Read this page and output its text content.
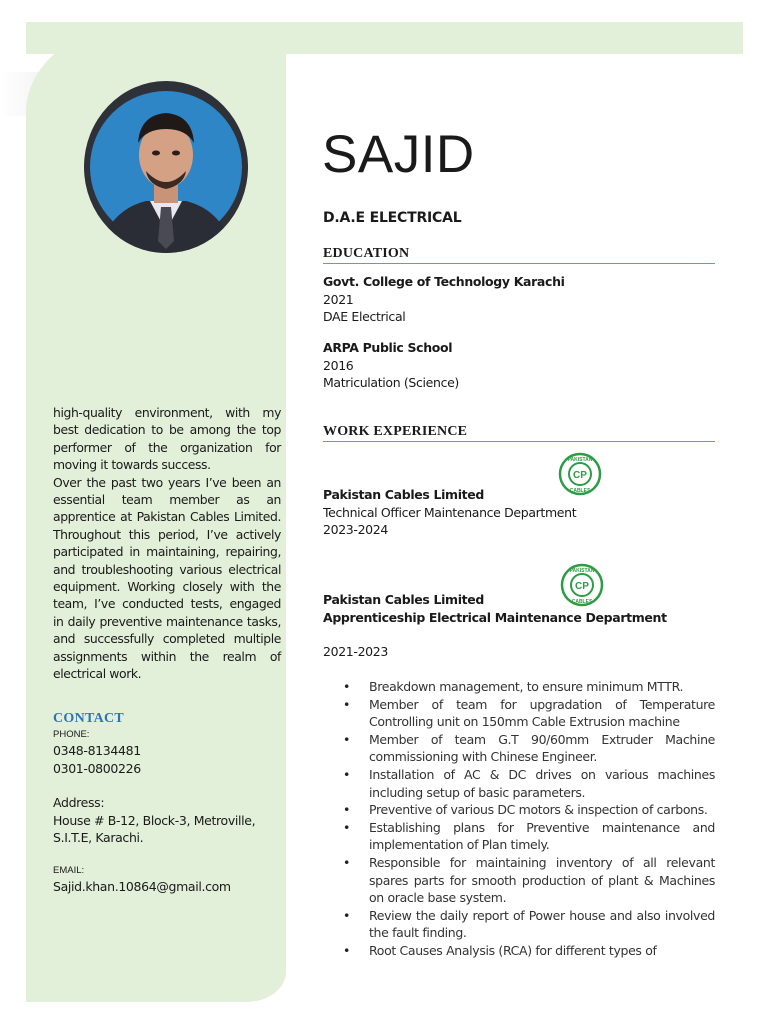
high-quality environment, with my best dedication to be among the top performer of the organization for moving it towards success.

Over the past two years I’ve been an essential team member as an apprentice at Pakistan Cables Limited. Throughout this period, I’ve actively participated in maintaining, repairing, and troubleshooting various electrical equipment. Working closely with the team, I’ve conducted tests, engaged in daily preventive maintenance tasks, and successfully completed multiple assignments within the realm of electrical work.

CONTACT
PHONE:
0348-8134481
0301-0800226
Address:
House # B-12, Block-3, Metroville,
S.I.T.E, Karachi.
EMAIL:
Sajid.khan.10864@gmail.com
SAJID
D.A.E ELECTRICAL
EDUCATION
Govt. College of Technology Karachi
2021
DAE Electrical
ARPA Public School
2016
Matriculation (Science)
WORK EXPERIENCE
CP
PAKISTAN
CABLES
Pakistan Cables Limited
Technical Officer Maintenance Department
2023-2024
CP
PAKISTAN
CABLES
Pakistan Cables Limited
Apprenticeship Electrical Maintenance Department
2021-2023
• Breakdown management, to ensure minimum MTTR.
• Member of team for upgradation of Temperature Controlling unit on 150mm Cable Extrusion machine
• Member of team G.T 90/60mm Extruder Machine commissioning with Chinese Engineer.
• Installation of AC & DC drives on various machines including setup of basic parameters.
• Preventive of various DC motors & inspection of carbons.
• Establishing plans for Preventive maintenance and implementation of Plan timely.
• Responsible for maintaining inventory of all relevant spares parts for smooth production of plant & Machines on oracle base system.
• Review the daily report of Power house and also involved the fault finding.
• Root Causes Analysis (RCA) for different types of
